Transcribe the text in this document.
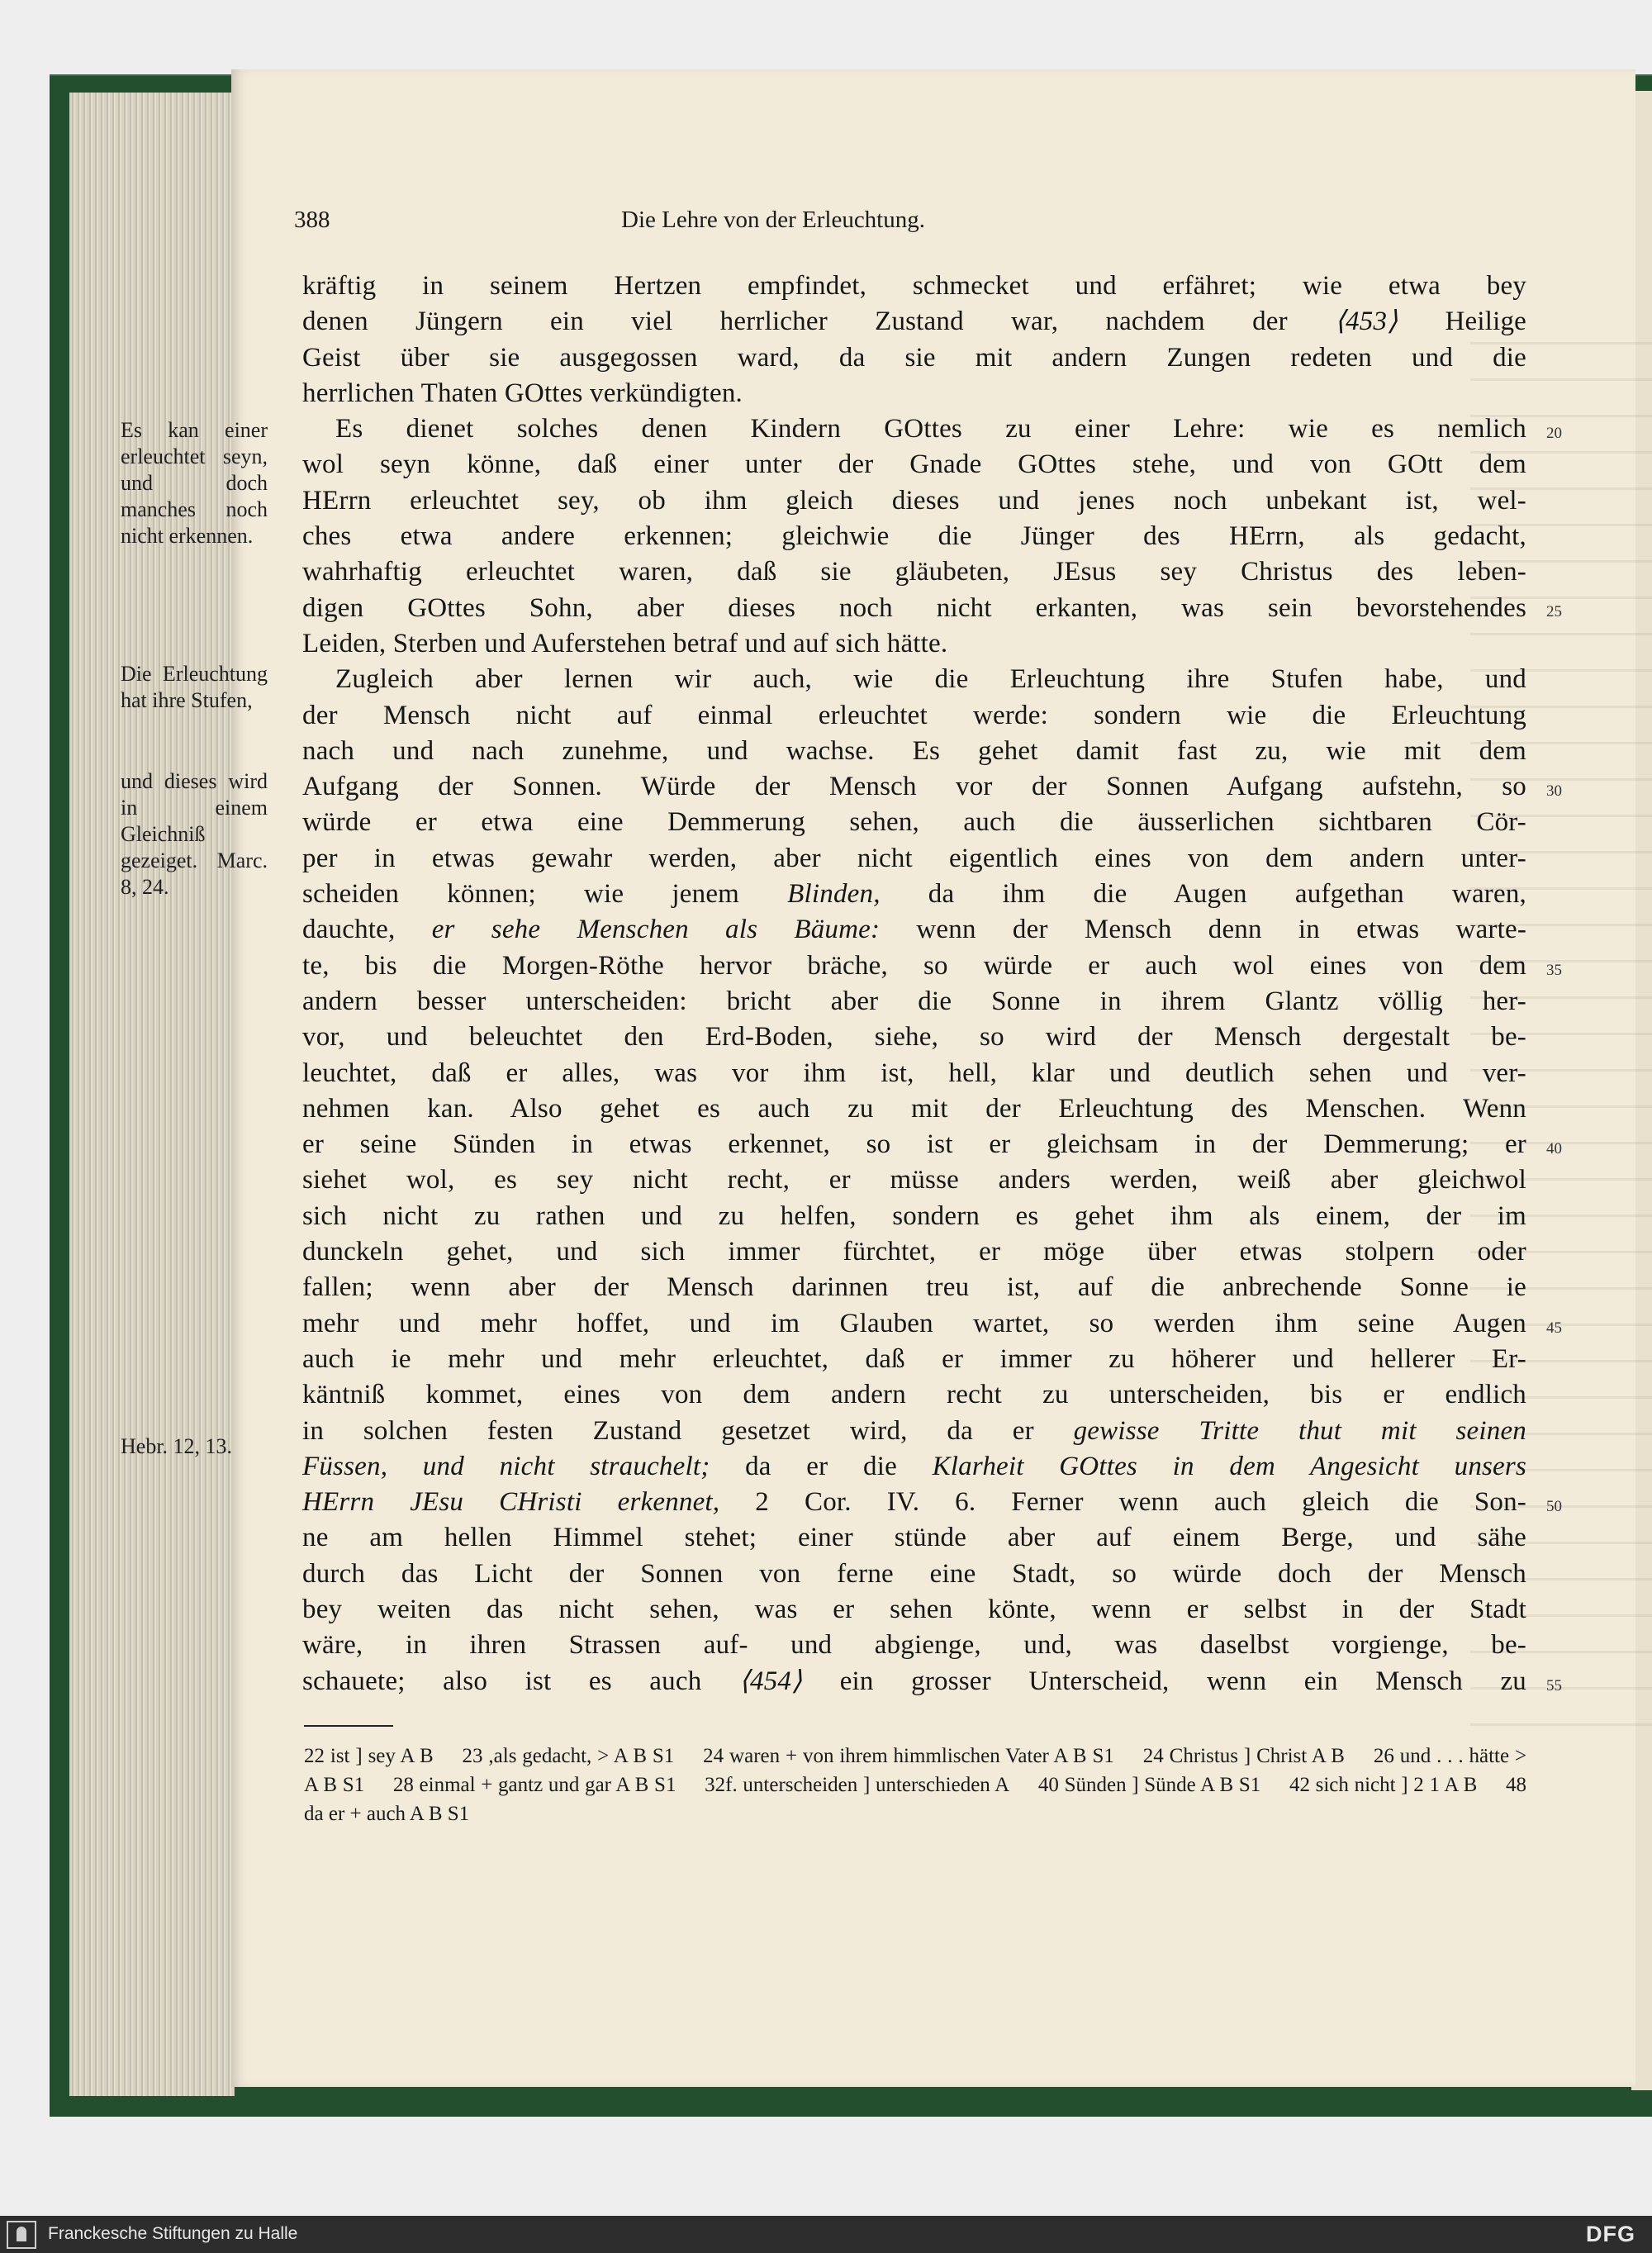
388	Die Lehre von der Erleuchtung.
kräftig in seinem Hertzen empfindet, schmecket und erfähret; wie etwa bey
denen Jüngern ein viel herrlicher Zustand war, nachdem der ⟨453⟩ Heilige
Geist über sie ausgegossen ward, da sie mit andern Zungen redeten und die
herrlichen Thaten GOttes verkündigten.
Es dienet solches denen Kindern GOttes zu einer Lehre: wie es nemlich
wol seyn könne, daß einer unter der Gnade GOttes stehe, und von GOtt dem
HErrn erleuchtet sey, ob ihm gleich dieses und jenes noch unbekant ist, wel-
ches etwa andere erkennen; gleichwie die Jünger des HErrn, als gedacht,
wahrhaftig erleuchtet waren, daß sie gläubeten, JEsus sey Christus des leben-
digen GOttes Sohn, aber dieses noch nicht erkanten, was sein bevorstehendes
Leiden, Sterben und Auferstehen betraf und auf sich hätte.
Zugleich aber lernen wir auch, wie die Erleuchtung ihre Stufen habe, und
der Mensch nicht auf einmal erleuchtet werde: sondern wie die Erleuchtung
nach und nach zunehme, und wachse. Es gehet damit fast zu, wie mit dem
Aufgang der Sonnen. Würde der Mensch vor der Sonnen Aufgang aufstehn, so
würde er etwa eine Demmerung sehen, auch die äusserlichen sichtbaren Cör-
per in etwas gewahr werden, aber nicht eigentlich eines von dem andern unter-
scheiden können; wie jenem Blinden, da ihm die Augen aufgethan waren,
dauchte, er sehe Menschen als Bäume: wenn der Mensch denn in etwas warte-
te, bis die Morgen-Röthe hervor bräche, so würde er auch wol eines von dem
andern besser unterscheiden: bricht aber die Sonne in ihrem Glantz völlig her-
vor, und beleuchtet den Erd-Boden, siehe, so wird der Mensch dergestalt be-
leuchtet, daß er alles, was vor ihm ist, hell, klar und deutlich sehen und ver-
nehmen kan. Also gehet es auch zu mit der Erleuchtung des Menschen. Wenn
er seine Sünden in etwas erkennet, so ist er gleichsam in der Demmerung; er
siehet wol, es sey nicht recht, er müsse anders werden, weiß aber gleichwol
sich nicht zu rathen und zu helfen, sondern es gehet ihm als einem, der im
dunckeln gehet, und sich immer fürchtet, er möge über etwas stolpern oder
fallen; wenn aber der Mensch darinnen treu ist, auf die anbrechende Sonne ie
mehr und mehr hoffet, und im Glauben wartet, so werden ihm seine Augen
auch ie mehr und mehr erleuchtet, daß er immer zu höherer und hellerer Er-
käntniß kommet, eines von dem andern recht zu unterscheiden, bis er endlich
in solchen festen Zustand gesetzet wird, da er gewisse Tritte thut mit seinen
Füssen, und nicht strauchelt; da er die Klarheit GOttes in dem Angesicht unsers
HErrn JEsu CHristi erkennet, 2 Cor. IV. 6. Ferner wenn auch gleich die Son-
ne am hellen Himmel stehet; einer stünde aber auf einem Berge, und sähe
durch das Licht der Sonnen von ferne eine Stadt, so würde doch der Mensch
bey weiten das nicht sehen, was er sehen könte, wenn er selbst in der Stadt
wäre, in ihren Strassen auf- und abgienge, und, was daselbst vorgienge, be-
schauete; also ist es auch ⟨454⟩ ein grosser Unterscheid, wenn ein Mensch zu
Es kan einer erleuchtet seyn, und doch manches noch nicht erkennen.
Die Erleuchtung hat ihre Stufen,
und dieses wird in einem Gleichniß gezeiget. Marc. 8, 24.
Hebr. 12, 13.
20
25
30
35
40
45
50
55
22 ist ] sey A B 23 ,als gedacht, > A B S1 24 waren + von ihrem himmlischen Vater A B S1 24 Christus ] Christ A B 26 und . . . hätte > A B S1 28 einmal + gantz und gar A B S1 32f. unterscheiden ] unterschieden A 40 Sünden ] Sünde A B S1 42 sich nicht ] 2 1 A B 48 da er + auch A B S1
Franckesche Stiftungen zu Halle	DFG
